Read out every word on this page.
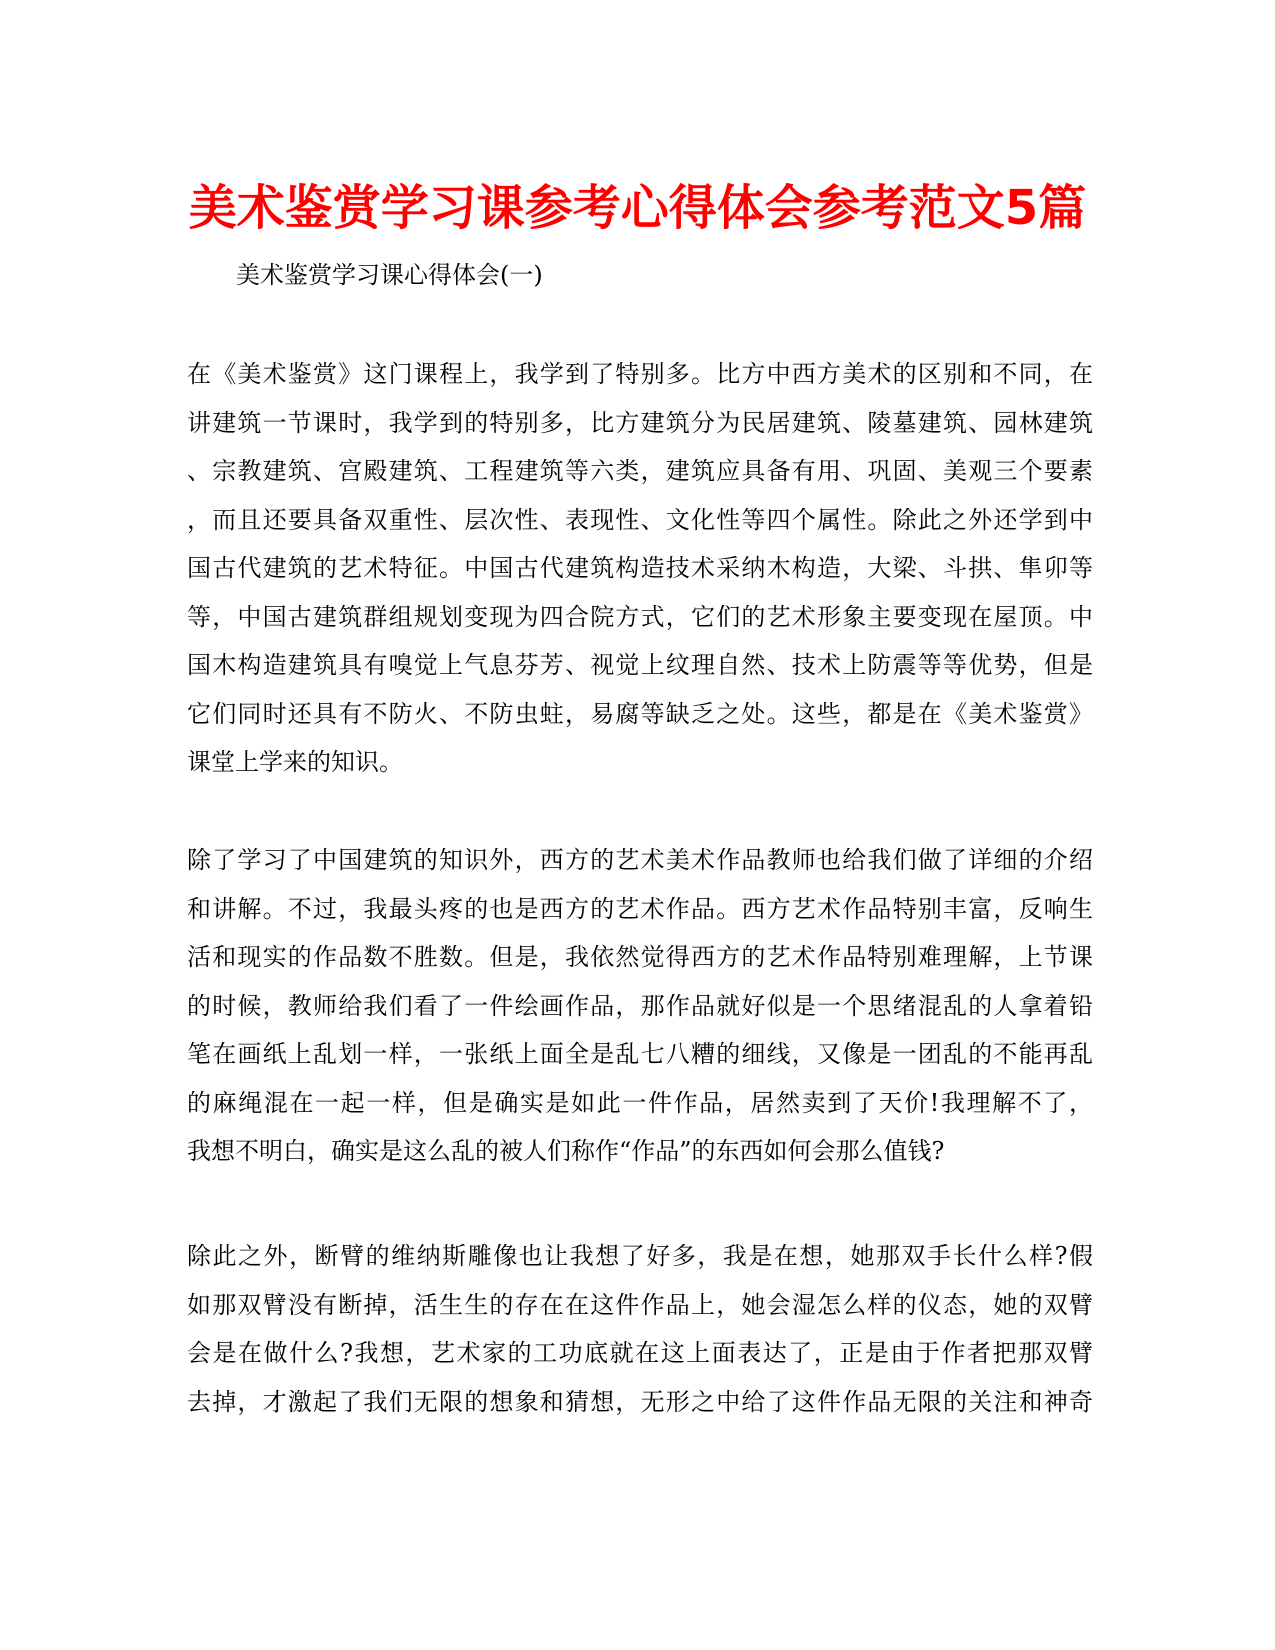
美术鉴赏学习课参考心得体会参考范文5篇
美术鉴赏学习课心得体会(一)
在《美术鉴赏》这门课程上，我学到了特别多。比方中西方美术的区别和不同，在
讲建筑一节课时，我学到的特别多，比方建筑分为民居建筑、陵墓建筑、园林建筑
、宗教建筑、宫殿建筑、工程建筑等六类，建筑应具备有用、巩固、美观三个要素
，而且还要具备双重性、层次性、表现性、文化性等四个属性。除此之外还学到中
国古代建筑的艺术特征。中国古代建筑构造技术采纳木构造，大梁、斗拱、隼卯等
等，中国古建筑群组规划变现为四合院方式，它们的艺术形象主要变现在屋顶。中
国木构造建筑具有嗅觉上气息芬芳、视觉上纹理自然、技术上防震等等优势，但是
它们同时还具有不防火、不防虫蛀，易腐等缺乏之处。这些，都是在《美术鉴赏》
课堂上学来的知识。
除了学习了中国建筑的知识外，西方的艺术美术作品教师也给我们做了详细的介绍
和讲解。不过，我最头疼的也是西方的艺术作品。西方艺术作品特别丰富，反响生
活和现实的作品数不胜数。但是，我依然觉得西方的艺术作品特别难理解，上节课
的时候，教师给我们看了一件绘画作品，那作品就好似是一个思绪混乱的人拿着铅
笔在画纸上乱划一样，一张纸上面全是乱七八糟的细线，又像是一团乱的不能再乱
的麻绳混在一起一样，但是确实是如此一件作品，居然卖到了天价!我理解不了，
我想不明白，确实是这么乱的被人们称作“作品”的东西如何会那么值钱?
除此之外，断臂的维纳斯雕像也让我想了好多，我是在想，她那双手长什么样?假
如那双臂没有断掉，活生生的存在在这件作品上，她会湿怎么样的仪态，她的双臂
会是在做什么?我想，艺术家的工功底就在这上面表达了，正是由于作者把那双臂
去掉，才激起了我们无限的想象和猜想，无形之中给了这件作品无限的关注和神奇
